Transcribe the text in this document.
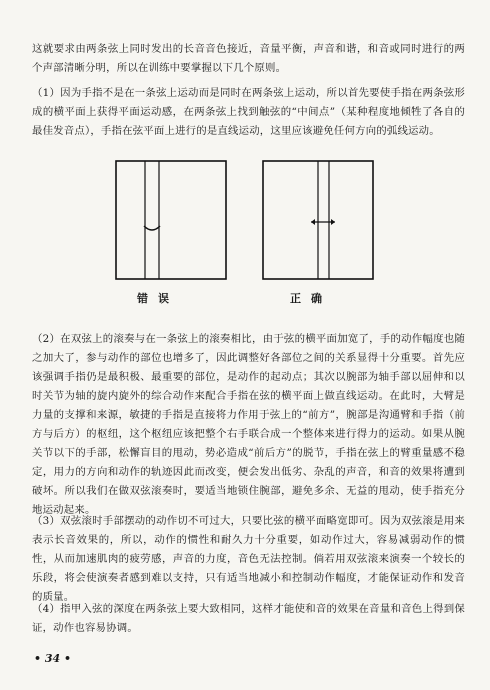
这就要求由两条弦上同时发出的长音音色接近，音量平衡，声音和谐，和音或同时进行的两个声部清晰分明，所以在训练中要掌握以下几个原则。

（1）因为手指不是在一条弦上运动而是同时在两条弦上运动，所以首先要使手指在两条弦形成的横平面上获得平面运动感，在两条弦上找到触弦的“中间点”（某种程度地倾牲了各自的最佳发音点），手指在弦平面上进行的是直线运动，这里应该避免任何方向的弧线运动。

错误	正确

（2）在双弦上的滚奏与在一条弦上的滚奏相比，由于弦的横平面加宽了，手的动作幅度也随之加大了，参与动作的部位也增多了，因此调整好各部位之间的关系显得十分重要。首先应该强调手指仍是最积极、最重要的部位，是动作的起动点；其次以腕部为轴手部以屈伸和以时关节为轴的旋内旋外的综合动作来配合手指在弦的横平面上做直线运动。在此时，大臂是力量的支撑和来源，敏捷的手指是直接将力作用于弦上的“前方”，腕部是沟通臂和手指（前方与后方）的枢纽，这个枢纽应该把整个右手联合成一个整体来进行得力的运动。如果从腕关节以下的手部，松懈盲目的甩动，势必造成“前后方”的脱节，手指在弦上的臂重量感不稳定，用力的方向和动作的轨迹因此而改变，便会发出低劣、杂乱的声音，和音的效果将遭到破坏。所以我们在做双弦滚奏时，要适当地锁住腕部，避免多余、无益的甩动，使手指充分地运动起来。

（3）双弦滚时手部摆动的动作切不可过大，只要比弦的横平面略宽即可。因为双弦滚是用来表示长音效果的，所以，动作的惯性和耐久力十分重要，如动作过大，容易减弱动作的惯性，从而加速肌肉的疲劳感，声音的力度，音色无法控制。倘若用双弦滚来演奏一个较长的乐段，将会使演奏者感到难以支持，只有适当地减小和控制动作幅度，才能保证动作和发音的质量。

（4）指甲入弦的深度在两条弦上要大致相同，这样才能使和音的效果在音量和音色上得到保证，动作也容易协调。

• 34 •
